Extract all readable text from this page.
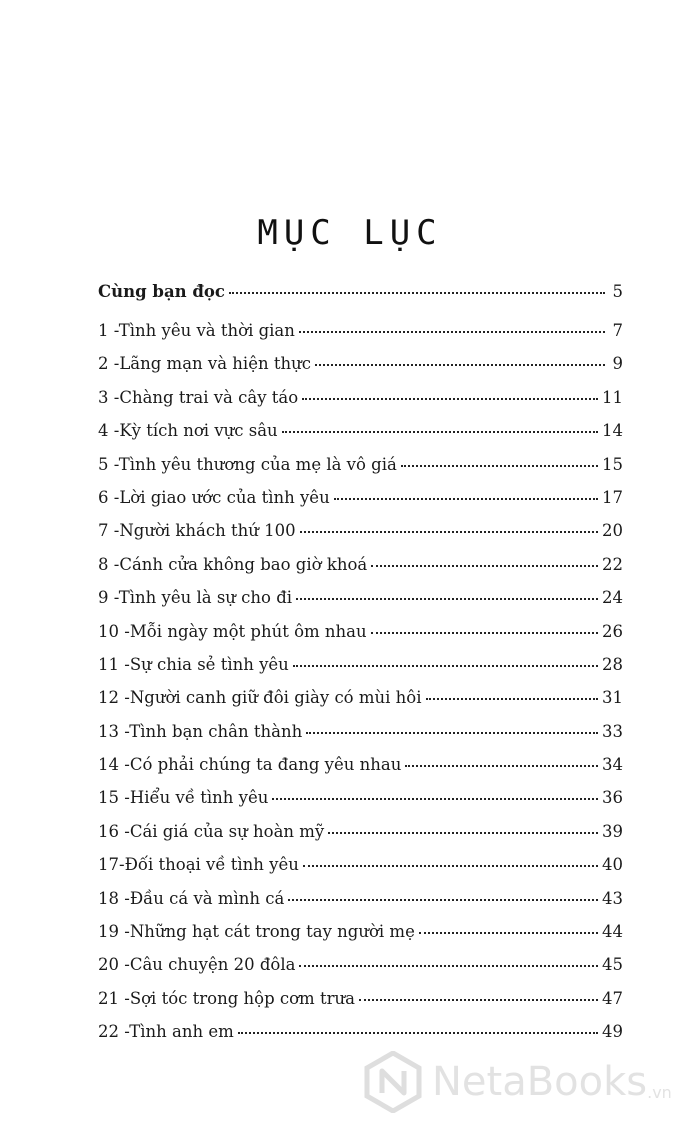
MỤC LỤC
Cùng bạn đọc	5
1 -Tình yêu và thời gian	7
2 -Lãng mạn và hiện thực	9
3 -Chàng trai và cây táo	11
4 -Kỳ tích nơi vực sâu	14
5 -Tình yêu thương của mẹ là vô giá	15
6 -Lời giao ước của tình yêu	17
7 -Người khách thứ 100	20
8 -Cánh cửa không bao giờ khoá	22
9 -Tình yêu là sự cho đi	24
10 -Mỗi ngày một phút ôm nhau	26
11 -Sự chia sẻ tình yêu	28
12 -Người canh giữ đôi giày có mùi hôi	31
13 -Tình bạn chân thành	33
14 -Có phải chúng ta đang yêu nhau	34
15 -Hiểu về tình yêu	36
16 -Cái giá của sự hoàn mỹ	39
17-Đối thoại về tình yêu	40
18 -Đầu cá và mình cá	43
19 -Những hạt cát trong tay người mẹ	44
20 -Câu chuyện 20 đôla	45
21 -Sợi tóc trong hộp cơm trưa	47
22 -Tình anh em	49
NetaBooks .vn
